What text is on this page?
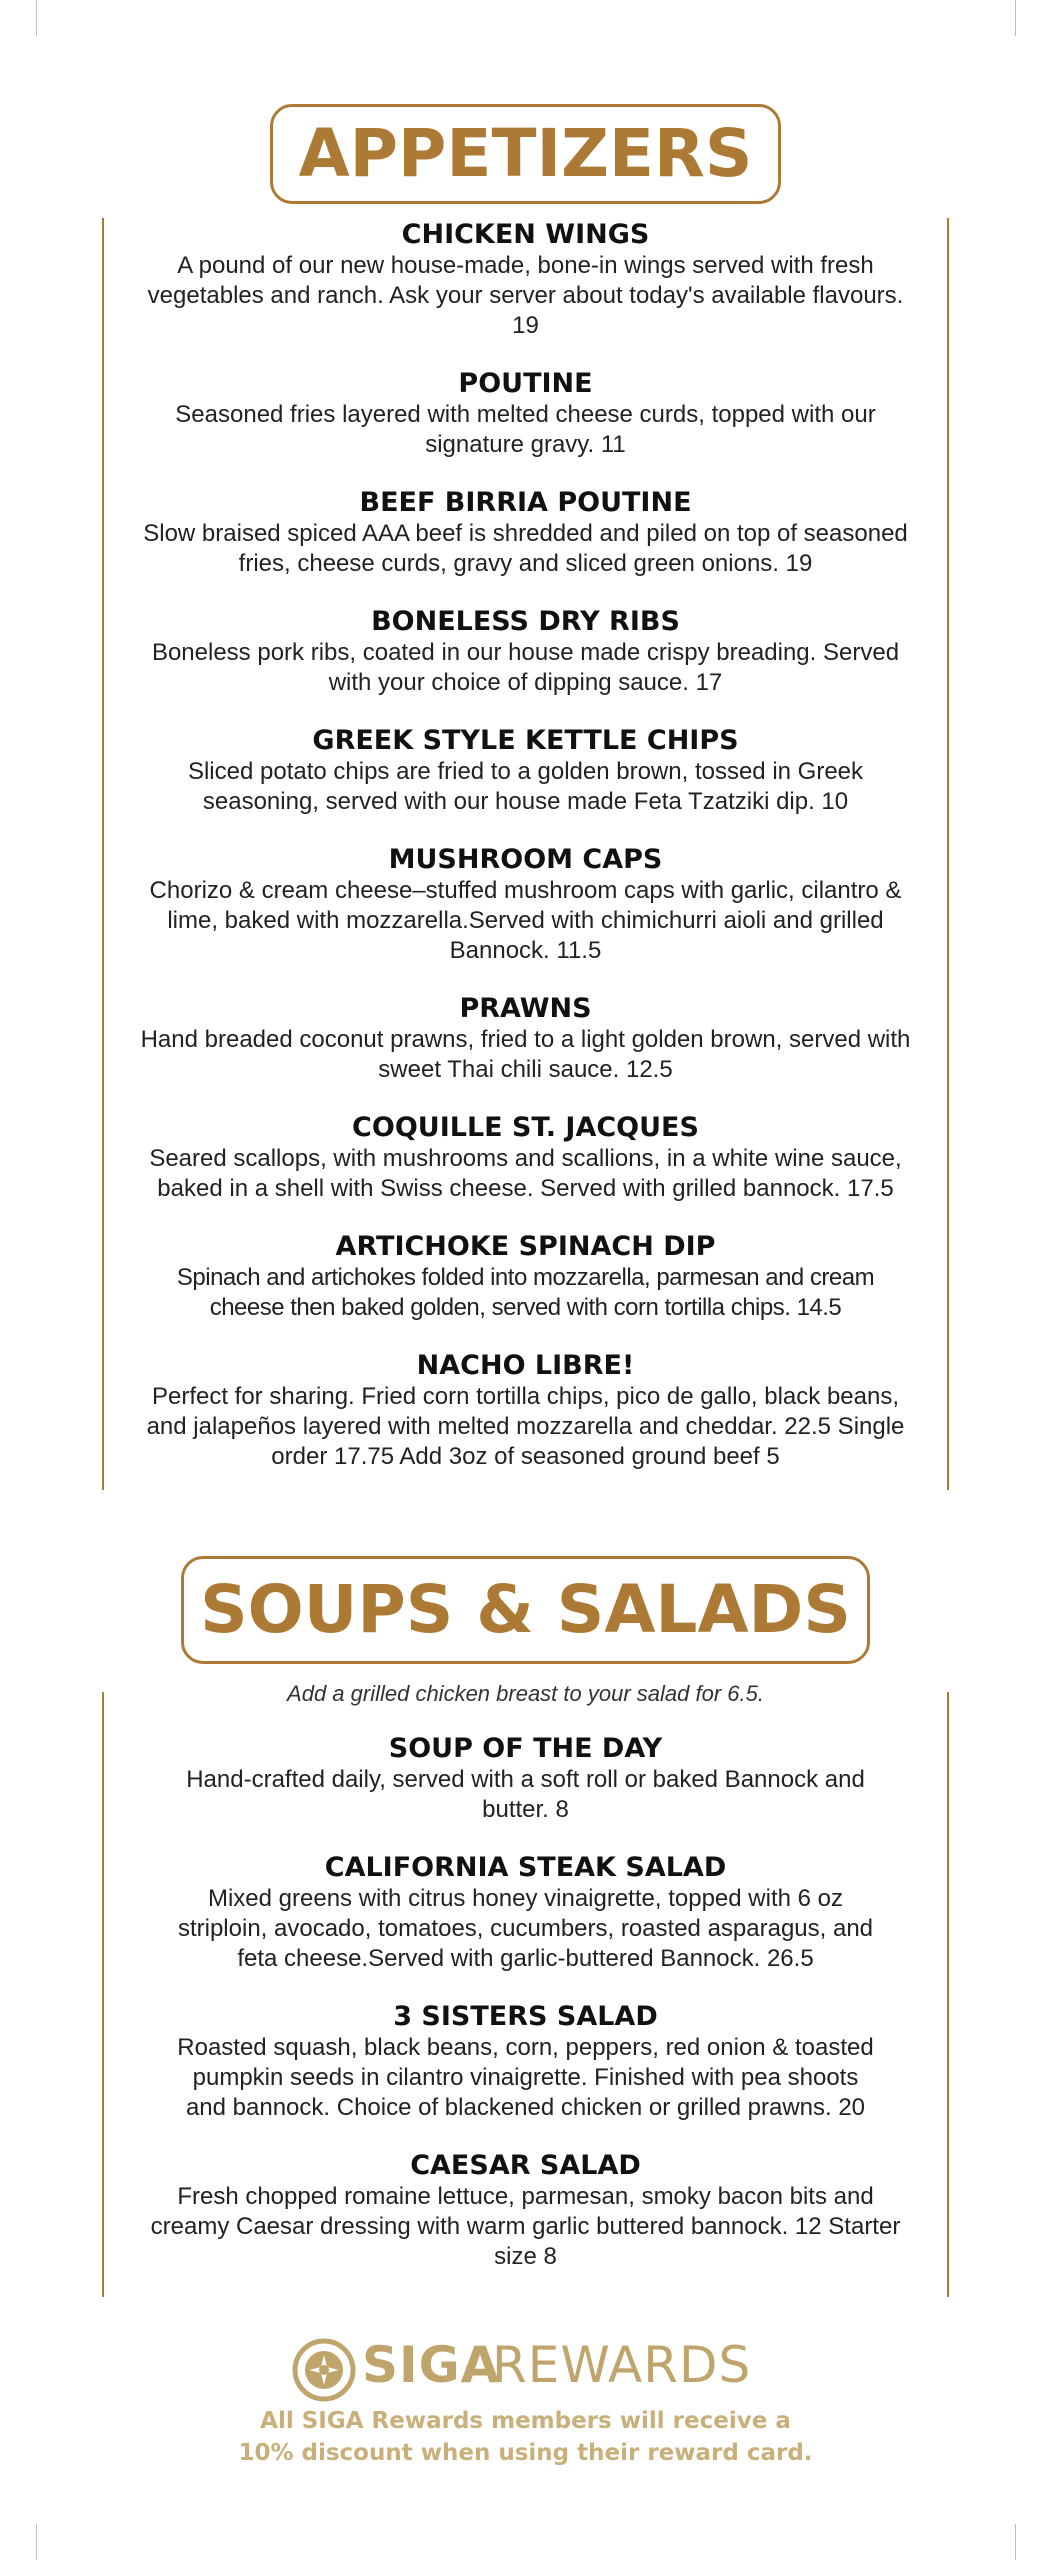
APPETIZERS

CHICKEN WINGS

A pound of our new house-made, bone-in wings served with fresh vegetables and ranch. Ask your server about today's available flavours. 19

POUTINE

Seasoned fries layered with melted cheese curds, topped with our signature gravy. 11

BEEF BIRRIA POUTINE

Slow braised spiced AAA beef is shredded and piled on top of seasoned fries, cheese curds, gravy and sliced green onions. 19

BONELESS DRY RIBS

Boneless pork ribs, coated in our house made crispy breading. Served with your choice of dipping sauce. 17

GREEK STYLE KETTLE CHIPS

Sliced potato chips are fried to a golden brown, tossed in Greek seasoning, served with our house made Feta Tzatziki dip. 10

MUSHROOM CAPS

Chorizo & cream cheese–stuffed mushroom caps with garlic, cilantro & lime, baked with mozzarella.Served with chimichurri aioli and grilled Bannock. 11.5

PRAWNS

Hand breaded coconut prawns, fried to a light golden brown, served with sweet Thai chili sauce. 12.5

COQUILLE ST. JACQUES

Seared scallops, with mushrooms and scallions, in a white wine sauce, baked in a shell with Swiss cheese. Served with grilled bannock. 17.5

ARTICHOKE SPINACH DIP

Spinach and artichokes folded into mozzarella, parmesan and cream cheese then baked golden, served with corn tortilla chips. 14.5

NACHO LIBRE!

Perfect for sharing. Fried corn tortilla chips, pico de gallo, black beans, and jalapeños layered with melted mozzarella and cheddar. 22.5 Single order 17.75 Add 3oz of seasoned ground beef 5

SOUPS & SALADS

Add a grilled chicken breast to your salad for 6.5.

SOUP OF THE DAY

Hand-crafted daily, served with a soft roll or baked Bannock and butter. 8

CALIFORNIA STEAK SALAD

Mixed greens with citrus honey vinaigrette, topped with 6 oz striploin, avocado, tomatoes, cucumbers, roasted asparagus, and feta cheese.Served with garlic-buttered Bannock. 26.5

3 SISTERS SALAD

Roasted squash, black beans, corn, peppers, red onion & toasted pumpkin seeds in cilantro vinaigrette. Finished with pea shoots and bannock. Choice of blackened chicken or grilled prawns. 20

CAESAR SALAD

Fresh chopped romaine lettuce, parmesan, smoky bacon bits and creamy Caesar dressing with warm garlic buttered bannock. 12 Starter size 8

SIGA
REWARDS
All SIGA Rewards members will receive a
10% discount when using their reward card.
